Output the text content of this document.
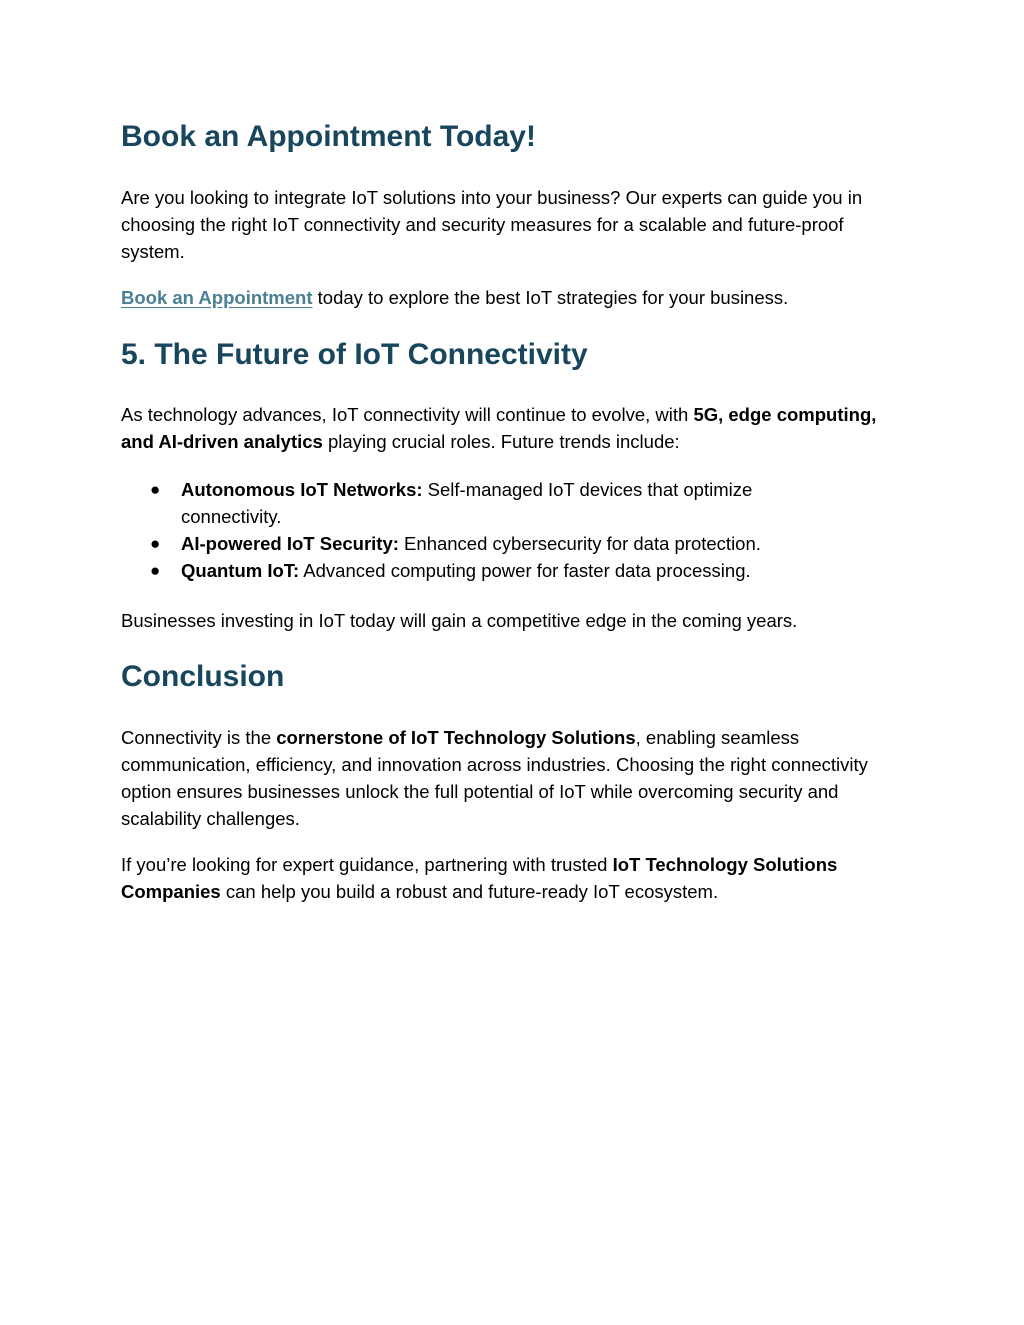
Book an Appointment Today!

Are you looking to integrate IoT solutions into your business? Our experts can guide you in choosing the right IoT connectivity and security measures for a scalable and future-proof system.

Book an Appointment today to explore the best IoT strategies for your business.

5. The Future of IoT Connectivity

As technology advances, IoT connectivity will continue to evolve, with 5G, edge computing, and AI-driven analytics playing crucial roles. Future trends include:

● Autonomous IoT Networks: Self-managed IoT devices that optimize connectivity.
● AI-powered IoT Security: Enhanced cybersecurity for data protection.
● Quantum IoT: Advanced computing power for faster data processing.

Businesses investing in IoT today will gain a competitive edge in the coming years.

Conclusion

Connectivity is the cornerstone of IoT Technology Solutions, enabling seamless communication, efficiency, and innovation across industries. Choosing the right connectivity option ensures businesses unlock the full potential of IoT while overcoming security and scalability challenges.

If you’re looking for expert guidance, partnering with trusted IoT Technology Solutions Companies can help you build a robust and future-ready IoT ecosystem.
